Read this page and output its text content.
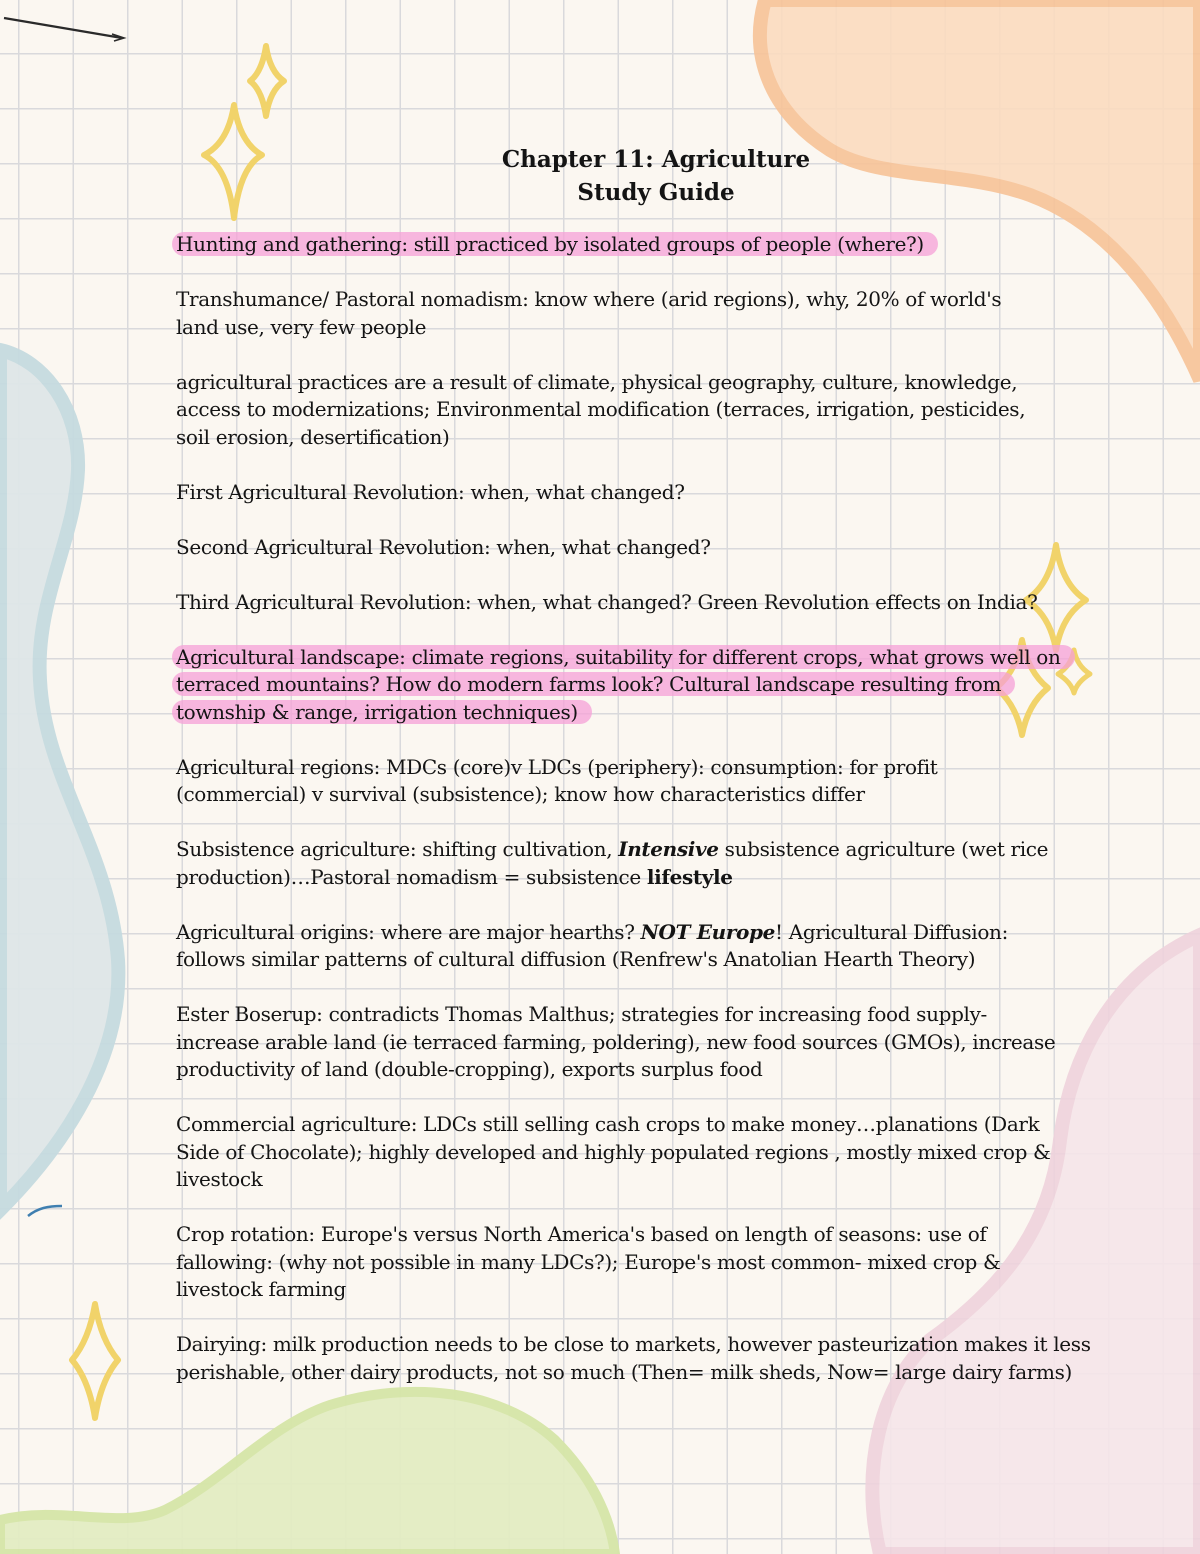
Chapter 11: Agriculture
Study Guide

Hunting and gathering: still practiced by isolated groups of people (where?)

Transhumance/ Pastoral nomadism: know where (arid regions), why, 20% of world's
land use, very few people

agricultural practices are a result of climate, physical geography, culture, knowledge,
access to modernizations; Environmental modification (terraces, irrigation, pesticides,
soil erosion, desertification)

First Agricultural Revolution: when, what changed?

Second Agricultural Revolution: when, what changed?

Third Agricultural Revolution: when, what changed? Green Revolution effects on India?

Agricultural landscape: climate regions, suitability for different crops, what grows well on
terraced mountains? How do modern farms look? Cultural landscape resulting from
township & range, irrigation techniques)

Agricultural regions: MDCs (core)v LDCs (periphery): consumption: for profit
(commercial) v survival (subsistence); know how characteristics differ

Subsistence agriculture: shifting cultivation, Intensive subsistence agriculture (wet rice
production)…Pastoral nomadism = subsistence lifestyle

Agricultural origins: where are major hearths? NOT Europe! Agricultural Diffusion:
follows similar patterns of cultural diffusion (Renfrew's Anatolian Hearth Theory)

Ester Boserup: contradicts Thomas Malthus; strategies for increasing food supply-
increase arable land (ie terraced farming, poldering), new food sources (GMOs), increase
productivity of land (double-cropping), exports surplus food

Commercial agriculture: LDCs still selling cash crops to make money…planations (Dark
Side of Chocolate); highly developed and highly populated regions , mostly mixed crop &
livestock

Crop rotation: Europe's versus North America's based on length of seasons: use of
fallowing: (why not possible in many LDCs?); Europe's most common- mixed crop &
livestock farming

Dairying: milk production needs to be close to markets, however pasteurization makes it less
perishable, other dairy products, not so much (Then= milk sheds, Now= large dairy farms)
